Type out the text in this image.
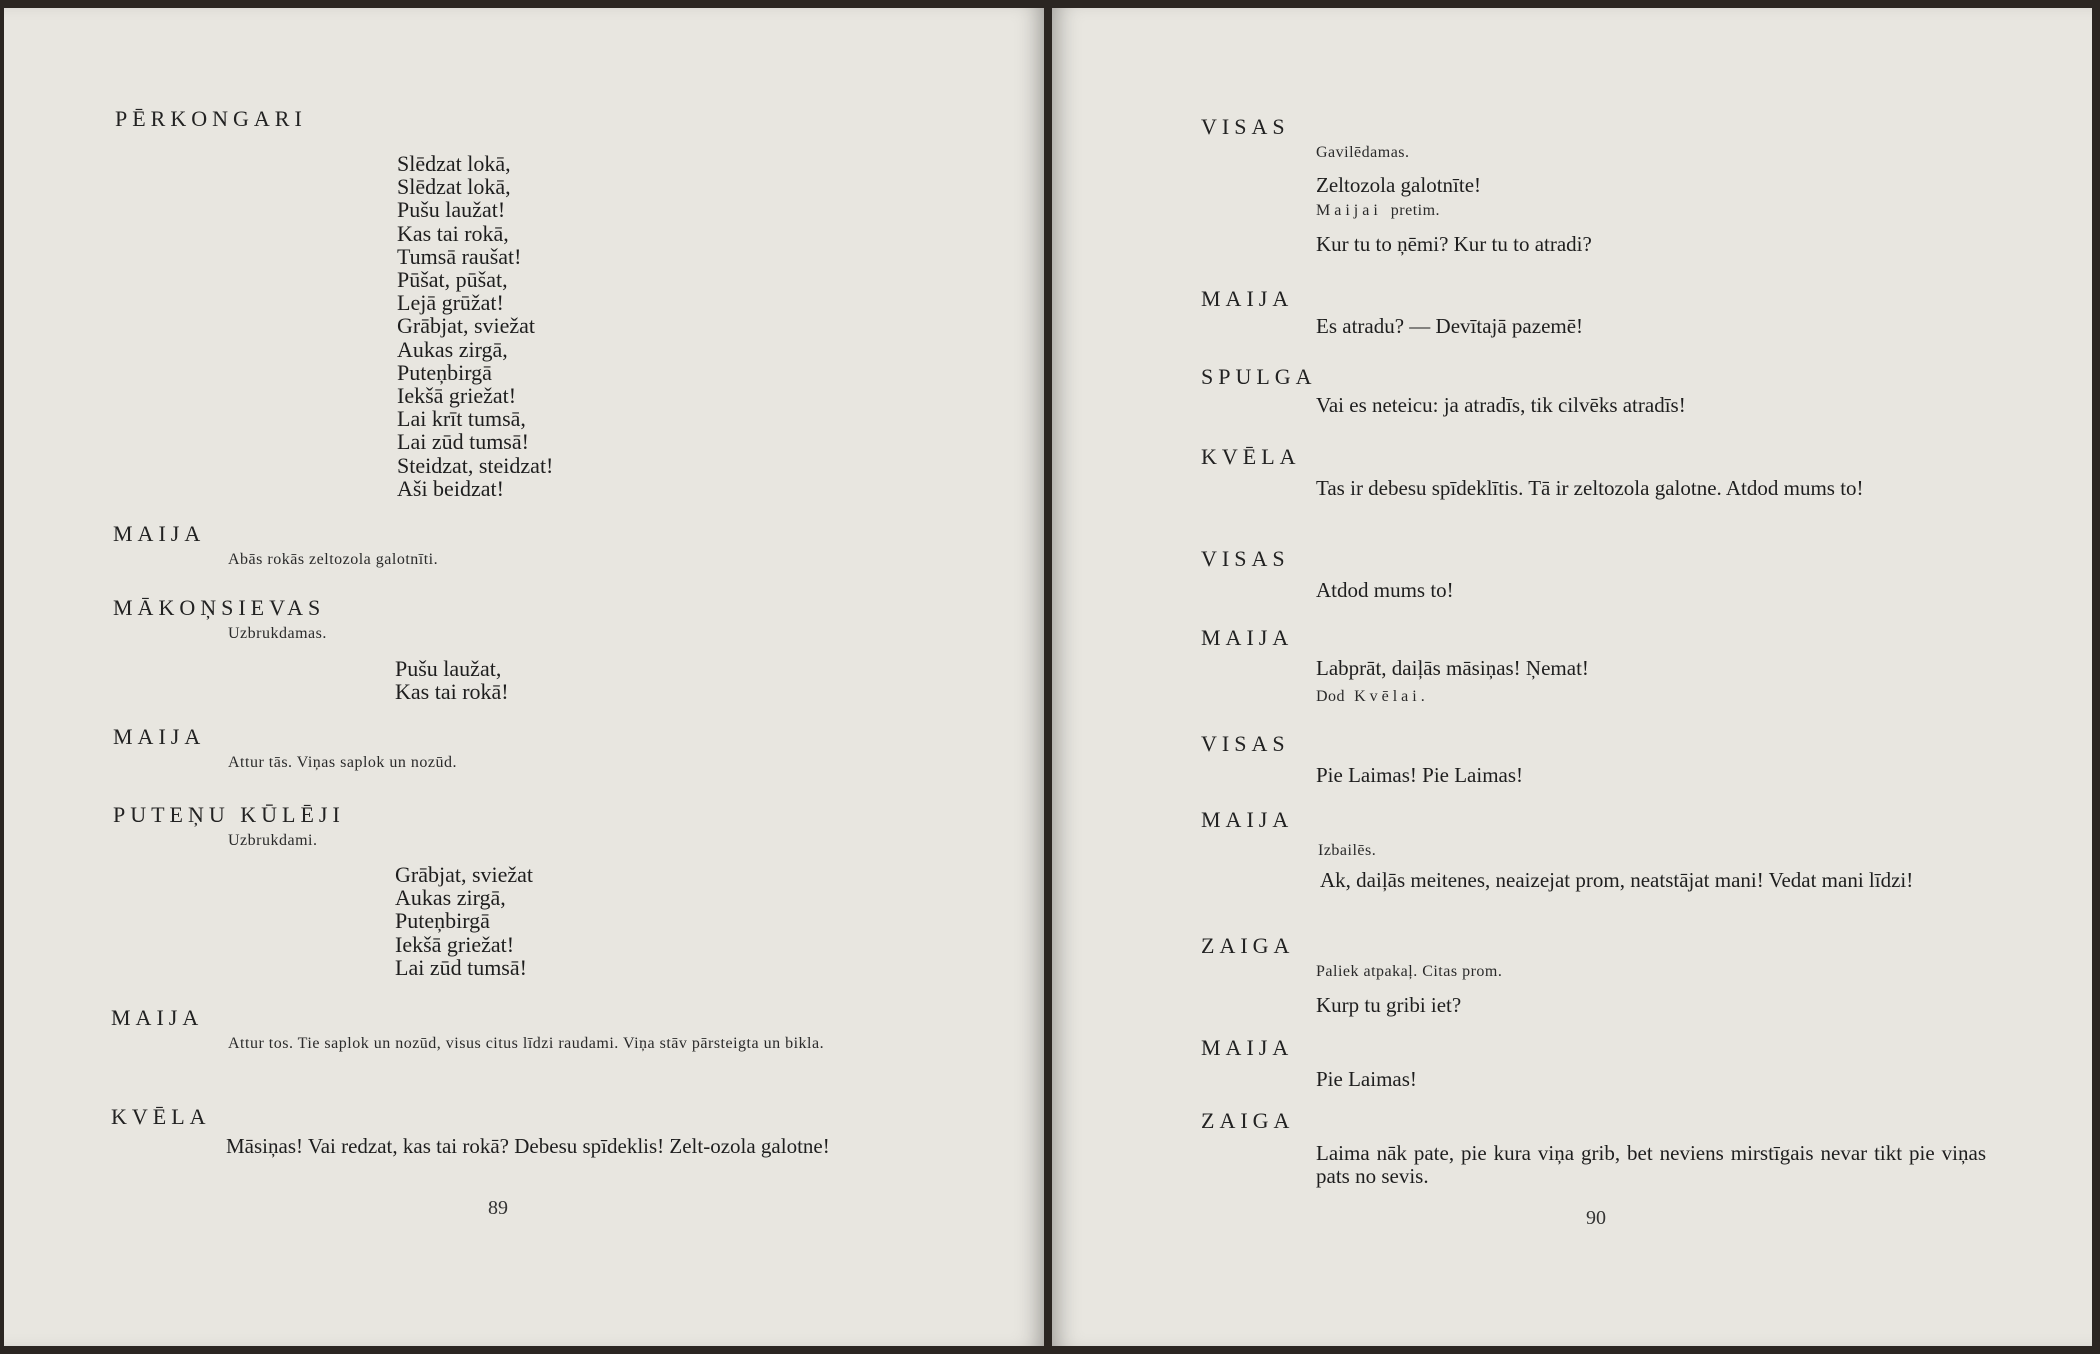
PĒRKONGARI
Slēdzat lokā,
Slēdzat lokā,
Pušu laužat!
Kas tai rokā,
Tumsā raušat!
Pūšat, pūšat,
Lejā grūžat!
Grābjat, sviežat
Aukas zirgā,
Puteņbirgā
Iekšā griežat!
Lai krīt tumsā,
Lai zūd tumsā!
Steidzat, steidzat!
Aši beidzat!
MAIJA
Abās rokās zeltozola galotnīti.
MĀKOŅSIEVAS
Uzbrukdamas.
Pušu laužat,
Kas tai rokā!
MAIJA
Attur tās. Viņas saplok un nozūd.
PUTEŅU KŪLĒJI
Uzbrukdami.
Grābjat, sviežat
Aukas zirgā,
Puteņbirgā
Iekšā griežat!
Lai zūd tumsā!
MAIJA
Attur tos. Tie saplok un nozūd, visus citus līdzi raudami. Viņa stāv pārsteigta un bikla.
KVĒLA
Māsiņas! Vai redzat, kas tai rokā? Debesu spīdeklis! Zelt-ozola galotne!
89
VISAS
Gavilēdamas.
Zeltozola galotnīte!
Maijai pretim.
Kur tu to ņēmi? Kur tu to atradi?
MAIJA
Es atradu? — Devītajā pazemē!
SPULGA
Vai es neteicu: ja atradīs, tik cilvēks atradīs!
KVĒLA
Tas ir debesu spīdeklītis. Tā ir zeltozola galotne. Atdod mums to!
VISAS
Atdod mums to!
MAIJA
Labprāt, daiļās māsiņas! Ņemat!
Dod Kvēlai.
VISAS
Pie Laimas! Pie Laimas!
MAIJA
Izbailēs.
Ak, daiļās meitenes, neaizejat prom, neatstājat mani! Vedat mani līdzi!
ZAIGA
Paliek atpakaļ. Citas prom.
Kurp tu gribi iet?
MAIJA
Pie Laimas!
ZAIGA
Laima nāk pate, pie kura viņa grib, bet neviens mirstīgais nevar tikt pie viņas pats no sevis.
90
